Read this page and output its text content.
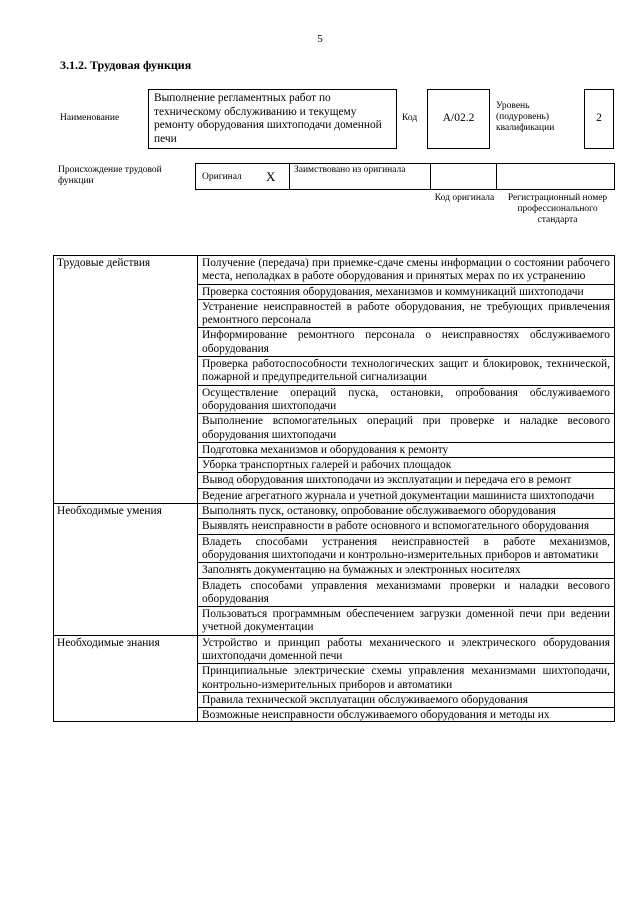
5
3.1.2. Трудовая функция
Наименование
Выполнение регламентных работ по техническому обслуживанию и текущему ремонту оборудования шихтоподачи доменной печи
Код	А/02.2
Уровень (подуровень) квалификации
2
Происхождение трудовой функции	Оригинал X Заимствовано из оригинала
Код оригинала Регистрационный номер профессионального стандарта
Трудовые действия	Получение (передача) при приемке-сдаче смены информации о состоянии рабочего места, неполадках в работе оборудования и принятых мерах по их устранению
	Проверка состояния оборудования, механизмов и коммуникаций шихтоподачи
	Устранение неисправностей в работе оборудования, не требующих привлечения ремонтного персонала
	Информирование ремонтного персонала о неисправностях обслуживаемого оборудования
	Проверка работоспособности технологических защит и блокировок, технической, пожарной и предупредительной сигнализации
	Осуществление операций пуска, остановки, опробования обслуживаемого оборудования шихтоподачи
	Выполнение вспомогательных операций при проверке и наладке весового оборудования шихтоподачи
	Подготовка механизмов и оборудования к ремонту
	Уборка транспортных галерей и рабочих площадок
	Вывод оборудования шихтоподачи из эксплуатации и передача его в ремонт
	Ведение агрегатного журнала и учетной документации машиниста шихтоподачи
Необходимые умения	Выполнять пуск, остановку, опробование обслуживаемого оборудования
	Выявлять неисправности в работе основного и вспомогательного оборудования
	Владеть способами устранения неисправностей в работе механизмов, оборудования шихтоподачи и контрольно-измерительных приборов и автоматики
	Заполнять документацию на бумажных и электронных носителях
	Владеть способами управления механизмами проверки и наладки весового оборудования
	Пользоваться программным обеспечением загрузки доменной печи при ведении учетной документации
Необходимые знания	Устройство и принцип работы механического и электрического оборудования шихтоподачи доменной печи
	Принципиальные электрические схемы управления механизмами шихтоподачи, контрольно-измерительных приборов и автоматики
	Правила технической эксплуатации обслуживаемого оборудования

	Возможные неисправности обслуживаемого оборудования и методы их
